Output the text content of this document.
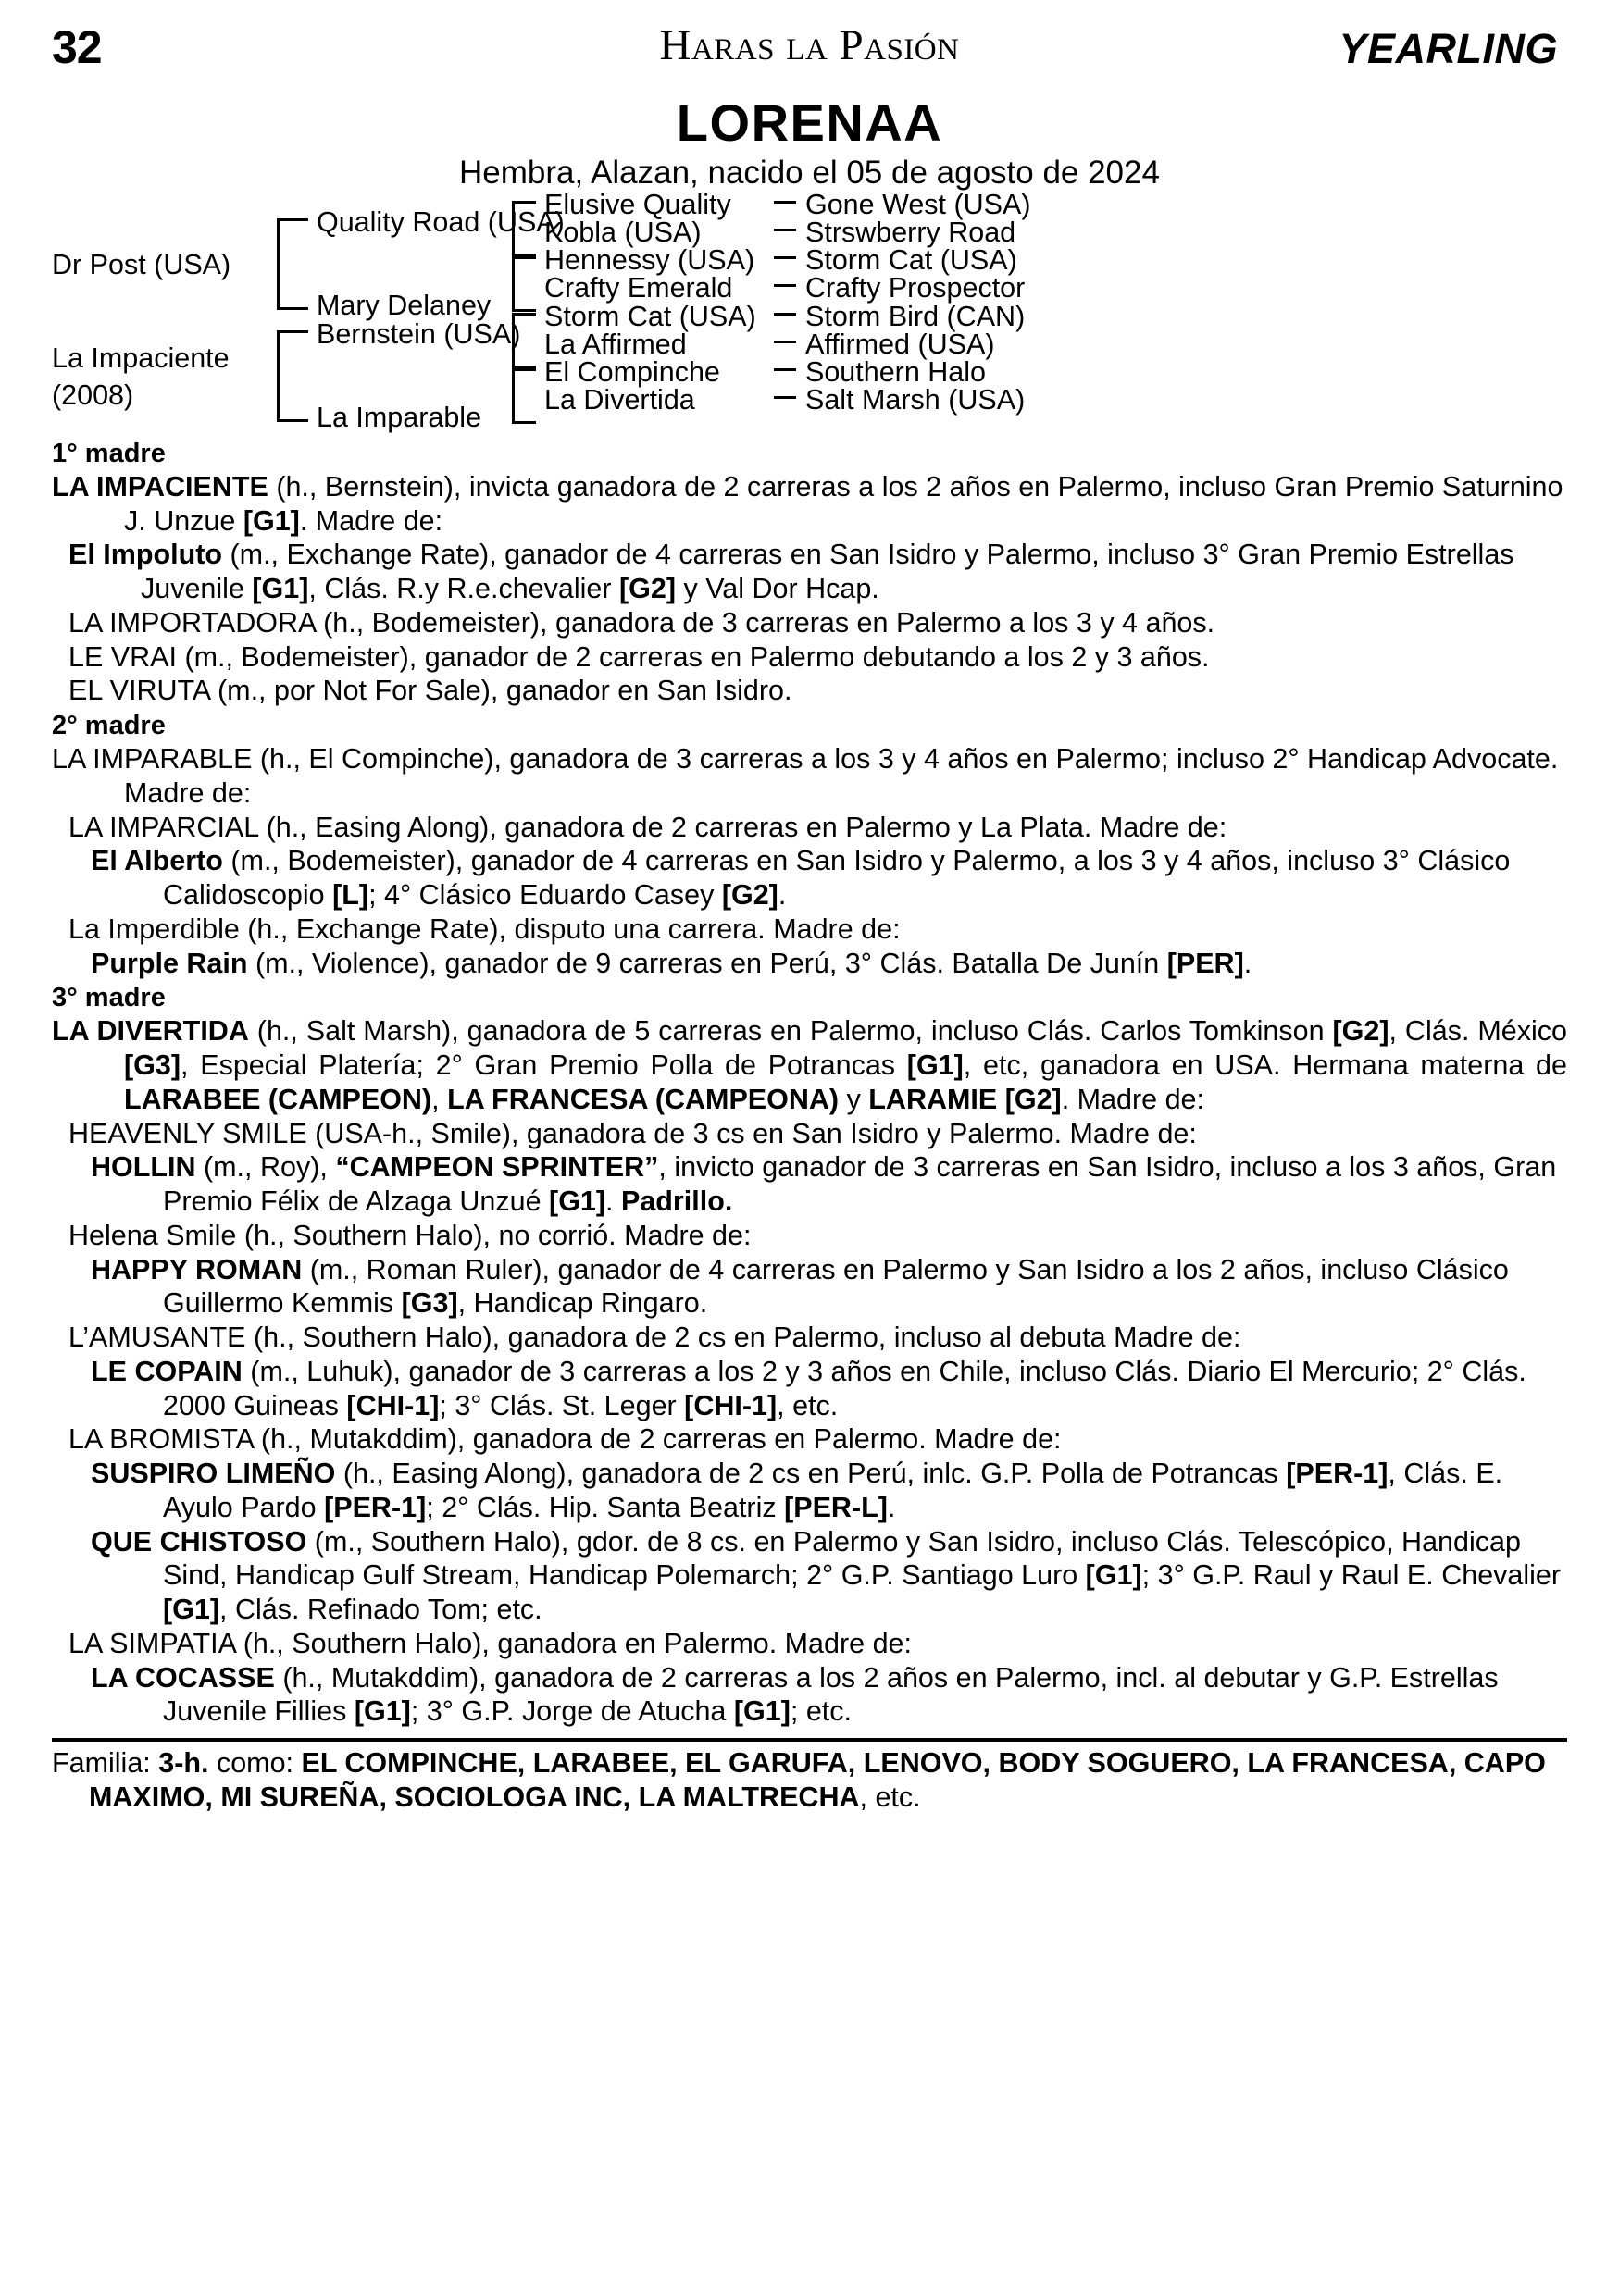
32	Haras la Pasión	YEARLING
LORENAA
Hembra, Alazan, nacido el 05 de agosto de 2024
Dr Post (USA)
Quality Road (USA)
Mary Delaney
Elusive Quality
Kobla (USA)
Hennessy (USA)
Crafty Emerald
Gone West (USA)
Strswberry Road
Storm Cat (USA)
Crafty Prospector
La Impaciente
(2008)
Bernstein (USA)
La Imparable
Storm Cat (USA)
La Affirmed
El Compinche
La Divertida
Storm Bird (CAN)
Affirmed (USA)
Southern Halo
Salt Marsh (USA)
1° madre
LA IMPACIENTE (h., Bernstein), invicta ganadora de 2 carreras a los 2 años en Palermo, incluso Gran Premio Saturnino J. Unzue [G1]. Madre de:
El Impoluto (m., Exchange Rate), ganador de 4 carreras en San Isidro y Palermo, incluso 3° Gran Premio Estrellas Juvenile [G1], Clás. R.y R.e.chevalier [G2] y Val Dor Hcap.
LA IMPORTADORA (h., Bodemeister), ganadora de 3 carreras en Palermo a los 3 y 4 años.
LE VRAI (m., Bodemeister), ganador de 2 carreras en Palermo debutando a los 2 y 3 años.
EL VIRUTA (m., por Not For Sale), ganador en San Isidro.
2° madre
LA IMPARABLE (h., El Compinche), ganadora de 3 carreras a los 3 y 4 años en Palermo; incluso 2° Handicap Advocate. Madre de:
LA IMPARCIAL (h., Easing Along), ganadora de 2 carreras en Palermo y La Plata. Madre de:
El Alberto (m., Bodemeister), ganador de 4 carreras en San Isidro y Palermo, a los 3 y 4 años, incluso 3° Clásico Calidoscopio [L]; 4° Clásico Eduardo Casey [G2].
La Imperdible (h., Exchange Rate), disputo una carrera. Madre de:
Purple Rain (m., Violence), ganador de 9 carreras en Perú, 3° Clás. Batalla De Junín [PER].
3° madre
LA DIVERTIDA (h., Salt Marsh), ganadora de 5 carreras en Palermo, incluso Clás. Carlos Tomkinson [G2], Clás. México [G3], Especial Platería; 2° Gran Premio Polla de Potrancas [G1], etc, ganadora en USA. Hermana materna de LARABEE (CAMPEON), LA FRANCESA (CAMPEONA) y LARAMIE [G2]. Madre de:
HEAVENLY SMILE (USA-h., Smile), ganadora de 3 cs en San Isidro y Palermo. Madre de:
HOLLIN (m., Roy), “CAMPEON SPRINTER”, invicto ganador de 3 carreras en San Isidro, incluso a los 3 años, Gran Premio Félix de Alzaga Unzué [G1]. Padrillo.
Helena Smile (h., Southern Halo), no corrió. Madre de:
HAPPY ROMAN (m., Roman Ruler), ganador de 4 carreras en Palermo y San Isidro a los 2 años, incluso Clásico Guillermo Kemmis [G3], Handicap Ringaro.
L’AMUSANTE (h., Southern Halo), ganadora de 2 cs en Palermo, incluso al debuta Madre de:
LE COPAIN (m., Luhuk), ganador de 3 carreras a los 2 y 3 años en Chile, incluso Clás. Diario El Mercurio; 2° Clás. 2000 Guineas [CHI-1]; 3° Clás. St. Leger [CHI-1], etc.
LA BROMISTA (h., Mutakddim), ganadora de 2 carreras en Palermo. Madre de:
SUSPIRO LIMEÑO (h., Easing Along), ganadora de 2 cs en Perú, inlc. G.P. Polla de Potrancas [PER-1], Clás. E. Ayulo Pardo [PER-1]; 2° Clás. Hip. Santa Beatriz [PER-L].
QUE CHISTOSO (m., Southern Halo), gdor. de 8 cs. en Palermo y San Isidro, incluso Clás. Telescópico, Handicap Sind, Handicap Gulf Stream, Handicap Polemarch; 2° G.P. Santiago Luro [G1]; 3° G.P. Raul y Raul E. Chevalier [G1], Clás. Refinado Tom; etc.
LA SIMPATIA (h., Southern Halo), ganadora en Palermo. Madre de:
LA COCASSE (h., Mutakddim), ganadora de 2 carreras a los 2 años en Palermo, incl. al debutar y G.P. Estrellas Juvenile Fillies [G1]; 3° G.P. Jorge de Atucha [G1]; etc.
Familia: 3-h. como: EL COMPINCHE, LARABEE, EL GARUFA, LENOVO, BODY SOGUERO, LA FRANCESA, CAPO MAXIMO, MI SUREÑA, SOCIOLOGA INC, LA MALTRECHA, etc.
